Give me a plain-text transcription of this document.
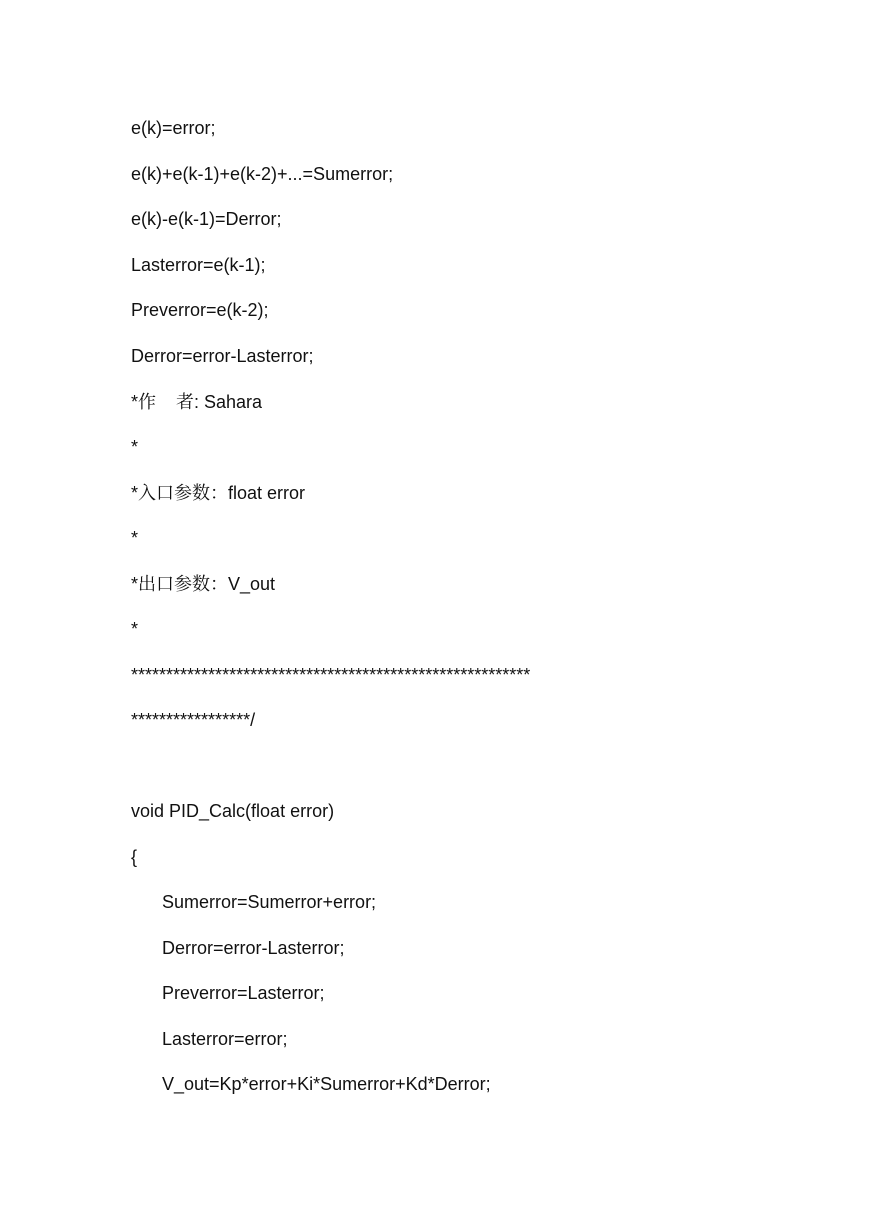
e(k)=error;
e(k)+e(k-1)+e(k-2)+...=Sumerror;
e(k)-e(k-1)=Derror;
Lasterror=e(k-1);
Preverror=e(k-2);
Derror=error-Lasterror;
*作    者: Sahara
*
*入口参数：float error
*
*出口参数：V_out
*
*********************************************************
*****************/
void PID_Calc(float error)
{
Sumerror=Sumerror+error;
Derror=error-Lasterror;
Preverror=Lasterror;
Lasterror=error;
V_out=Kp*error+Ki*Sumerror+Kd*Derror;
